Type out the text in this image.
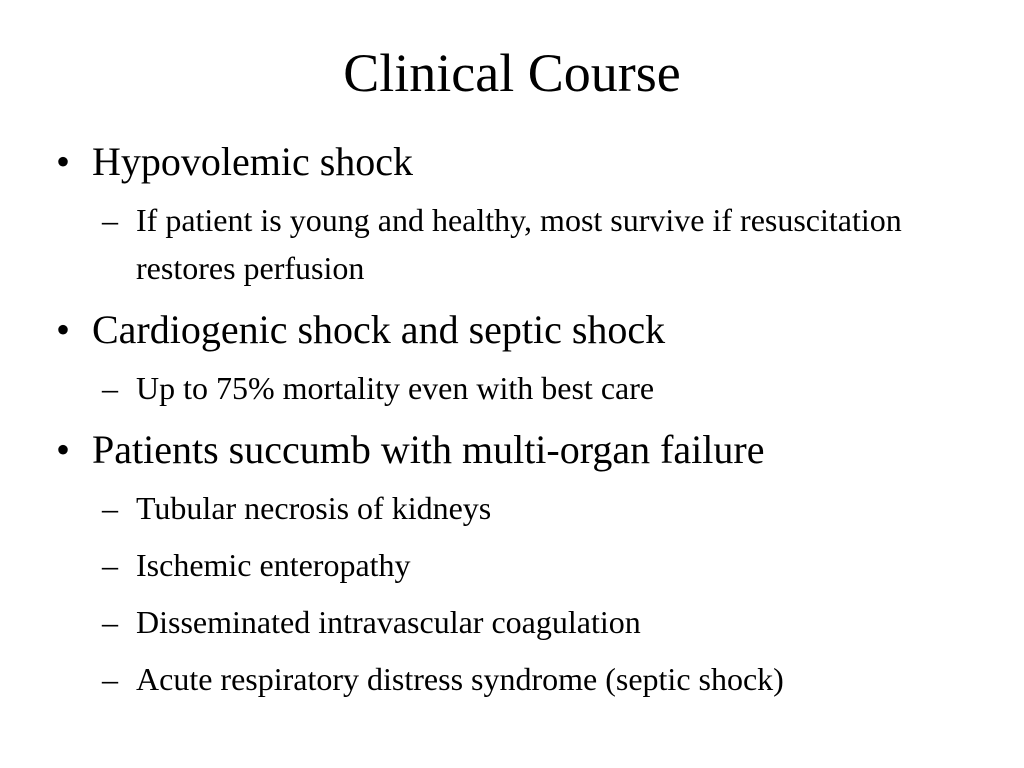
Clinical Course
• Hypovolemic shock
– If patient is young and healthy, most survive if resuscitation restores perfusion
• Cardiogenic shock and septic shock
– Up to 75% mortality even with best care
• Patients succumb with multi-organ failure
– Tubular necrosis of kidneys
– Ischemic enteropathy
– Disseminated intravascular coagulation
– Acute respiratory distress syndrome (septic shock)
